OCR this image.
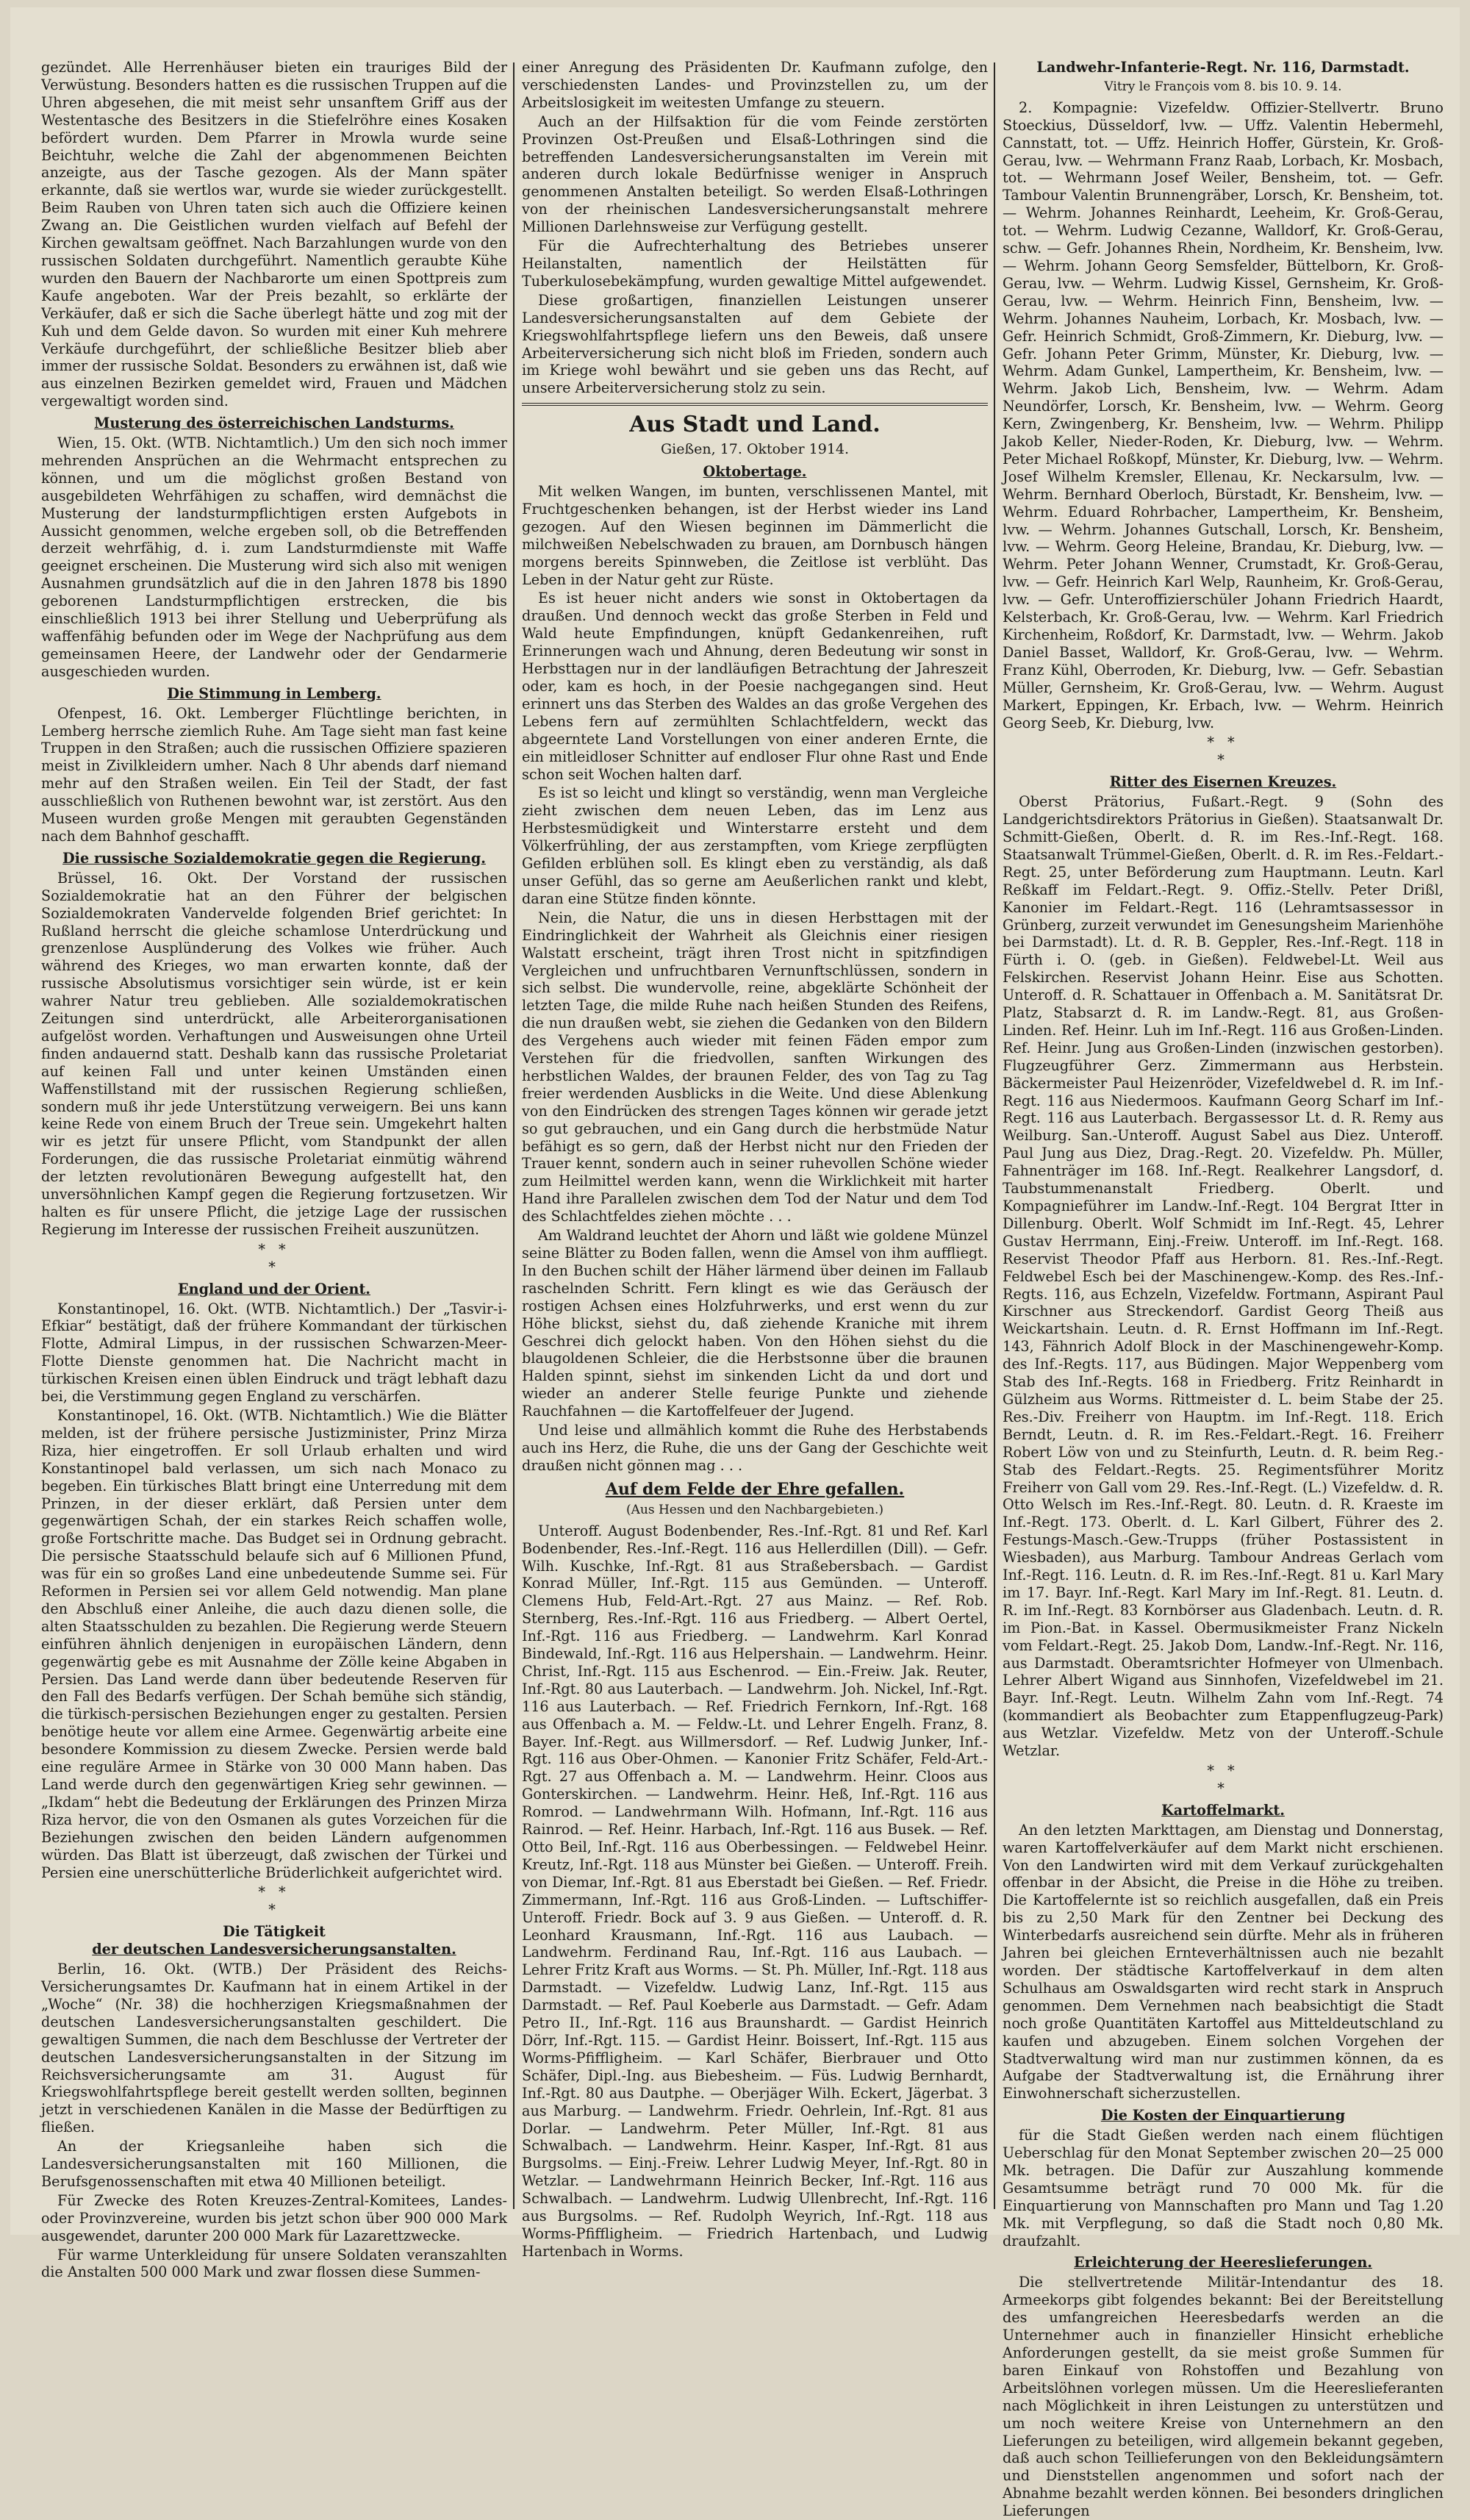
gezündet. Alle Herrenhäuser bieten ein trauriges Bild der Verwüstung. Besonders hatten es die russischen Truppen auf die Uhren abgesehen, die mit meist sehr unsanftem Griff aus der Westentasche des Besitzers in die Stiefelröhre eines Kosaken befördert wurden. Dem Pfarrer in Mrowla wurde seine Beichtuhr, welche die Zahl der abgenommenen Beichten anzeigte, aus der Tasche gezogen. Als der Mann später erkannte, daß sie wertlos war, wurde sie wieder zurückgestellt. Beim Rauben von Uhren taten sich auch die Offiziere keinen Zwang an. Die Geistlichen wurden vielfach auf Befehl der Kirchen gewaltsam geöffnet. Nach Barzahlungen wurde von den russischen Soldaten durchgeführt. Namentlich geraubte Kühe wurden den Bauern der Nachbarorte um einen Spottpreis zum Kaufe angeboten. War der Preis bezahlt, so erklärte der Verkäufer, daß er sich die Sache überlegt hätte und zog mit der Kuh und dem Gelde davon. So wurden mit einer Kuh mehrere Verkäufe durchgeführt, der schließliche Besitzer blieb aber immer der russische Soldat. Besonders zu erwähnen ist, daß wie aus einzelnen Bezirken gemeldet wird, Frauen und Mädchen vergewaltigt worden sind.

Musterung des österreichischen Landsturms.

Wien, 15. Okt. (WTB. Nichtamtlich.) Um den sich noch immer mehrenden Ansprüchen an die Wehrmacht entsprechen zu können, und um die möglichst großen Bestand von ausgebildeten Wehrfähigen zu schaffen, wird demnächst die Musterung der landsturmpflichtigen ersten Aufgebots in Aussicht genommen, welche ergeben soll, ob die Betreffenden derzeit wehrfähig, d. i. zum Landsturmdienste mit Waffe geeignet erscheinen. Die Musterung wird sich also mit wenigen Ausnahmen grundsätzlich auf die in den Jahren 1878 bis 1890 geborenen Landsturmpflichtigen erstrecken, die bis einschließlich 1913 bei ihrer Stellung und Ueberprüfung als waffenfähig befunden oder im Wege der Nachprüfung aus dem gemeinsamen Heere, der Landwehr oder der Gendarmerie ausgeschieden wurden.

Die Stimmung in Lemberg.

Ofenpest, 16. Okt. Lemberger Flüchtlinge berichten, in Lemberg herrsche ziemlich Ruhe. Am Tage sieht man fast keine Truppen in den Straßen; auch die russischen Offiziere spazieren meist in Zivilkleidern umher. Nach 8 Uhr abends darf niemand mehr auf den Straßen weilen. Ein Teil der Stadt, der fast ausschließlich von Ruthenen bewohnt war, ist zerstört. Aus den Museen wurden große Mengen mit geraubten Gegenständen nach dem Bahnhof geschafft.

Die russische Sozialdemokratie gegen die Regierung.

Brüssel, 16. Okt. Der Vorstand der russischen Sozialdemokratie hat an den Führer der belgischen Sozialdemokraten Vandervelde folgenden Brief gerichtet: In Rußland herrscht die gleiche schamlose Unterdrückung und grenzenlose Ausplünderung des Volkes wie früher. Auch während des Krieges, wo man erwarten konnte, daß der russische Absolutismus vorsichtiger sein würde, ist er kein wahrer Natur treu geblieben. Alle sozialdemokratischen Zeitungen sind unterdrückt, alle Arbeiterorganisationen aufgelöst worden. Verhaftungen und Ausweisungen ohne Urteil finden andauernd statt. Deshalb kann das russische Proletariat auf keinen Fall und unter keinen Umständen einen Waffenstillstand mit der russischen Regierung schließen, sondern muß ihr jede Unterstützung verweigern. Bei uns kann keine Rede von einem Bruch der Treue sein. Umgekehrt halten wir es jetzt für unsere Pflicht, vom Standpunkt der allen Forderungen, die das russische Proletariat einmütig während der letzten revolutionären Bewegung aufgestellt hat, den unversöhnlichen Kampf gegen die Regierung fortzusetzen. Wir halten es für unsere Pflicht, die jetzige Lage der russischen Regierung im Interesse der russischen Freiheit auszunützen.

* *
*
England und der Orient.

Konstantinopel, 16. Okt. (WTB. Nichtamtlich.) Der „Tasvir-i-Efkiar“ bestätigt, daß der frühere Kommandant der türkischen Flotte, Admiral Limpus, in der russischen Schwarzen-Meer-Flotte Dienste genommen hat. Die Nachricht macht in türkischen Kreisen einen üblen Eindruck und trägt lebhaft dazu bei, die Verstimmung gegen England zu verschärfen.

Konstantinopel, 16. Okt. (WTB. Nichtamtlich.) Wie die Blätter melden, ist der frühere persische Justizminister, Prinz Mirza Riza, hier eingetroffen. Er soll Urlaub erhalten und wird Konstantinopel bald verlassen, um sich nach Monaco zu begeben. Ein türkisches Blatt bringt eine Unterredung mit dem Prinzen, in der dieser erklärt, daß Persien unter dem gegenwärtigen Schah, der ein starkes Reich schaffen wolle, große Fortschritte mache. Das Budget sei in Ordnung gebracht. Die persische Staatsschuld belaufe sich auf 6 Millionen Pfund, was für ein so großes Land eine unbedeutende Summe sei. Für Reformen in Persien sei vor allem Geld notwendig. Man plane den Abschluß einer Anleihe, die auch dazu dienen solle, die alten Staatsschulden zu bezahlen. Die Regierung werde Steuern einführen ähnlich denjenigen in europäischen Ländern, denn gegenwärtig gebe es mit Ausnahme der Zölle keine Abgaben in Persien. Das Land werde dann über bedeutende Reserven für den Fall des Bedarfs verfügen. Der Schah bemühe sich ständig, die türkisch-persischen Beziehungen enger zu gestalten. Persien benötige heute vor allem eine Armee. Gegenwärtig arbeite eine besondere Kommission zu diesem Zwecke. Persien werde bald eine reguläre Armee in Stärke von 30 000 Mann haben. Das Land werde durch den gegenwärtigen Krieg sehr gewinnen. — „Ikdam“ hebt die Bedeutung der Erklärungen des Prinzen Mirza Riza hervor, die von den Osmanen als gutes Vorzeichen für die Beziehungen zwischen den beiden Ländern aufgenommen würden. Das Blatt ist überzeugt, daß zwischen der Türkei und Persien eine unerschütterliche Brüderlichkeit aufgerichtet wird.

* *
*
Die Tätigkeit
der deutschen Landesversicherungsanstalten.

Berlin, 16. Okt. (WTB.) Der Präsident des Reichs-Versicherungsamtes Dr. Kaufmann hat in einem Artikel in der „Woche“ (Nr. 38) die hochherzigen Kriegsmaßnahmen der deutschen Landesversicherungsanstalten geschildert. Die gewaltigen Summen, die nach dem Beschlusse der Vertreter der deutschen Landesversicherungsanstalten in der Sitzung im Reichsversicherungsamte am 31. August für Kriegswohlfahrtspflege bereit gestellt werden sollten, beginnen jetzt in verschiedenen Kanälen in die Masse der Bedürftigen zu fließen.

An der Kriegsanleihe haben sich die Landesversicherungsanstalten mit 160 Millionen, die Berufsgenossenschaften mit etwa 40 Millionen beteiligt.

Für Zwecke des Roten Kreuzes-Zentral-Komitees, Landes- oder Provinzvereine, wurden bis jetzt schon über 900 000 Mark ausgewendet, darunter 200 000 Mark für Lazarettzwecke.

Für warme Unterkleidung für unsere Soldaten veranszahlten die Anstalten 500 000 Mark und zwar flossen diese Summen-

einer Anregung des Präsidenten Dr. Kaufmann zufolge, den verschiedensten Landes- und Provinzstellen zu, um der Arbeitslosigkeit im weitesten Umfange zu steuern.

Auch an der Hilfsaktion für die vom Feinde zerstörten Provinzen Ost-Preußen und Elsaß-Lothringen sind die betreffenden Landesversicherungsanstalten im Verein mit anderen durch lokale Bedürfnisse weniger in Anspruch genommenen Anstalten beteiligt. So werden Elsaß-Lothringen von der rheinischen Landesversicherungsanstalt mehrere Millionen Darlehnsweise zur Verfügung gestellt.

Für die Aufrechterhaltung des Betriebes unserer Heilanstalten, namentlich der Heilstätten für Tuberkulosebekämpfung, wurden gewaltige Mittel aufgewendet.

Diese großartigen, finanziellen Leistungen unserer Landesversicherungsanstalten auf dem Gebiete der Kriegswohlfahrtspflege liefern uns den Beweis, daß unsere Arbeiterversicherung sich nicht bloß im Frieden, sondern auch im Kriege wohl bewährt und sie geben uns das Recht, auf unsere Arbeiterversicherung stolz zu sein.

Aus Stadt und Land.
Gießen, 17. Oktober 1914.
Oktobertage.

Mit welken Wangen, im bunten, verschlissenen Mantel, mit Fruchtgeschenken behangen, ist der Herbst wieder ins Land gezogen. Auf den Wiesen beginnen im Dämmerlicht die milchweißen Nebelschwaden zu brauen, am Dornbusch hängen morgens bereits Spinnweben, die Zeitlose ist verblüht. Das Leben in der Natur geht zur Rüste.

Es ist heuer nicht anders wie sonst in Oktobertagen da draußen. Und dennoch weckt das große Sterben in Feld und Wald heute Empfindungen, knüpft Gedankenreihen, ruft Erinnerungen wach und Ahnung, deren Bedeutung wir sonst in Herbsttagen nur in der landläufigen Betrachtung der Jahreszeit oder, kam es hoch, in der Poesie nachgegangen sind. Heut erinnert uns das Sterben des Waldes an das große Vergehen des Lebens fern auf zermühlten Schlachtfeldern, weckt das abgeerntete Land Vorstellungen von einer anderen Ernte, die ein mitleidloser Schnitter auf endloser Flur ohne Rast und Ende schon seit Wochen halten darf.

Es ist so leicht und klingt so verständig, wenn man Vergleiche zieht zwischen dem neuen Leben, das im Lenz aus Herbstesmüdigkeit und Winterstarre ersteht und dem Völkerfrühling, der aus zerstampften, vom Kriege zerpflügten Gefilden erblühen soll. Es klingt eben zu verständig, als daß unser Gefühl, das so gerne am Aeußerlichen rankt und klebt, daran eine Stütze finden könnte.

Nein, die Natur, die uns in diesen Herbsttagen mit der Eindringlichkeit der Wahrheit als Gleichnis einer riesigen Walstatt erscheint, trägt ihren Trost nicht in spitzfindigen Vergleichen und unfruchtbaren Vernunftschlüssen, sondern in sich selbst. Die wundervolle, reine, abgeklärte Schönheit der letzten Tage, die milde Ruhe nach heißen Stunden des Reifens, die nun draußen webt, sie ziehen die Gedanken von den Bildern des Vergehens auch wieder mit feinen Fäden empor zum Verstehen für die friedvollen, sanften Wirkungen des herbstlichen Waldes, der braunen Felder, des von Tag zu Tag freier werdenden Ausblicks in die Weite. Und diese Ablenkung von den Eindrücken des strengen Tages können wir gerade jetzt so gut gebrauchen, und ein Gang durch die herbstmüde Natur befähigt es so gern, daß der Herbst nicht nur den Frieden der Trauer kennt, sondern auch in seiner ruhevollen Schöne wieder zum Heilmittel werden kann, wenn die Wirklichkeit mit harter Hand ihre Parallelen zwischen dem Tod der Natur und dem Tod des Schlachtfeldes ziehen möchte . . .

Am Waldrand leuchtet der Ahorn und läßt wie goldene Münzel seine Blätter zu Boden fallen, wenn die Amsel von ihm auffliegt. In den Buchen schilt der Häher lärmend über deinen im Fallaub raschelnden Schritt. Fern klingt es wie das Geräusch der rostigen Achsen eines Holzfuhrwerks, und erst wenn du zur Höhe blickst, siehst du, daß ziehende Kraniche mit ihrem Geschrei dich gelockt haben. Von den Höhen siehst du die blaugoldenen Schleier, die die Herbstsonne über die braunen Halden spinnt, siehst im sinkenden Licht da und dort und wieder an anderer Stelle feurige Punkte und ziehende Rauchfahnen — die Kartoffelfeuer der Jugend.

Und leise und allmählich kommt die Ruhe des Herbstabends auch ins Herz, die Ruhe, die uns der Gang der Geschichte weit draußen nicht gönnen mag . . .

Auf dem Felde der Ehre gefallen.
(Aus Hessen und den Nachbargebieten.)

Unteroff. August Bodenbender, Res.-Inf.-Rgt. 81 und Ref. Karl Bodenbender, Res.-Inf.-Regt. 116 aus Hellerdillen (Dill). — Gefr. Wilh. Kuschke, Inf.-Rgt. 81 aus Straßebersbach. — Gardist Konrad Müller, Inf.-Rgt. 115 aus Gemünden. — Unteroff. Clemens Hub, Feld-Art.-Rgt. 27 aus Mainz. — Ref. Rob. Sternberg, Res.-Inf.-Rgt. 116 aus Friedberg. — Albert Oertel, Inf.-Rgt. 116 aus Friedberg. — Landwehrm. Karl Konrad Bindewald, Inf.-Rgt. 116 aus Helpershain. — Landwehrm. Heinr. Christ, Inf.-Rgt. 115 aus Eschenrod. — Ein.-Freiw. Jak. Reuter, Inf.-Rgt. 80 aus Lauterbach. — Landwehrm. Joh. Nickel, Inf.-Rgt. 116 aus Lauterbach. — Ref. Friedrich Fernkorn, Inf.-Rgt. 168 aus Offenbach a. M. — Feldw.-Lt. und Lehrer Engelh. Franz, 8. Bayer. Inf.-Regt. aus Willmersdorf. — Ref. Ludwig Junker, Inf.-Rgt. 116 aus Ober-Ohmen. — Kanonier Fritz Schäfer, Feld-Art.-Rgt. 27 aus Offenbach a. M. — Landwehrm. Heinr. Cloos aus Gonterskirchen. — Landwehrm. Heinr. Heß, Inf.-Rgt. 116 aus Romrod. — Landwehrmann Wilh. Hofmann, Inf.-Rgt. 116 aus Rainrod. — Ref. Heinr. Harbach, Inf.-Rgt. 116 aus Busek. — Ref. Otto Beil, Inf.-Rgt. 116 aus Oberbessingen. — Feldwebel Heinr. Kreutz, Inf.-Rgt. 118 aus Münster bei Gießen. — Unteroff. Freih. von Diemar, Inf.-Rgt. 81 aus Eberstadt bei Gießen. — Ref. Friedr. Zimmermann, Inf.-Rgt. 116 aus Groß-Linden. — Luftschiffer-Unteroff. Friedr. Bock auf 3. 9 aus Gießen. — Unteroff. d. R. Leonhard Krausmann, Inf.-Rgt. 116 aus Laubach. — Landwehrm. Ferdinand Rau, Inf.-Rgt. 116 aus Laubach. — Lehrer Fritz Kraft aus Worms. — St. Ph. Müller, Inf.-Rgt. 118 aus Darmstadt. — Vizefeldw. Ludwig Lanz, Inf.-Rgt. 115 aus Darmstadt. — Ref. Paul Koeberle aus Darmstadt. — Gefr. Adam Petro II., Inf.-Rgt. 116 aus Braunshardt. — Gardist Heinrich Dörr, Inf.-Rgt. 115. — Gardist Heinr. Boissert, Inf.-Rgt. 115 aus Worms-Pfiffligheim. — Karl Schäfer, Bierbrauer und Otto Schäfer, Dipl.-Ing. aus Biebesheim. — Füs. Ludwig Bernhardt, Inf.-Rgt. 80 aus Dautphe. — Oberjäger Wilh. Eckert, Jägerbat. 3 aus Marburg. — Landwehrm. Friedr. Oehrlein, Inf.-Rgt. 81 aus Dorlar. — Landwehrm. Peter Müller, Inf.-Rgt. 81 aus Schwalbach. — Landwehrm. Heinr. Kasper, Inf.-Rgt. 81 aus Burgsolms. — Einj.-Freiw. Lehrer Ludwig Meyer, Inf.-Rgt. 80 in Wetzlar. — Landwehrmann Heinrich Becker, Inf.-Rgt. 116 aus Schwalbach. — Landwehrm. Ludwig Ullenbrecht, Inf.-Rgt. 116 aus Burgsolms. — Ref. Rudolph Weyrich, Inf.-Rgt. 118 aus Worms-Pfiffligheim. — Friedrich Hartenbach, und Ludwig Hartenbach in Worms.

Landwehr-Infanterie-Regt. Nr. 116, Darmstadt.
Vitry le François vom 8. bis 10. 9. 14.

2. Kompagnie: Vizefeldw. Offizier-Stellvertr. Bruno Stoeckius, Düsseldorf, lvw. — Uffz. Valentin Hebermehl, Cannstatt, tot. — Uffz. Heinrich Hoffer, Gürstein, Kr. Groß-Gerau, lvw. — Wehrmann Franz Raab, Lorbach, Kr. Mosbach, tot. — Wehrmann Josef Weiler, Bensheim, tot. — Gefr. Tambour Valentin Brunnengräber, Lorsch, Kr. Bensheim, tot. — Wehrm. Johannes Reinhardt, Leeheim, Kr. Groß-Gerau, tot. — Wehrm. Ludwig Cezanne, Walldorf, Kr. Groß-Gerau, schw. — Gefr. Johannes Rhein, Nordheim, Kr. Bensheim, lvw. — Wehrm. Johann Georg Semsfelder, Büttelborn, Kr. Groß-Gerau, lvw. — Wehrm. Ludwig Kissel, Gernsheim, Kr. Groß-Gerau, lvw. — Wehrm. Heinrich Finn, Bensheim, lvw. — Wehrm. Johannes Nauheim, Lorbach, Kr. Mosbach, lvw. — Gefr. Heinrich Schmidt, Groß-Zimmern, Kr. Dieburg, lvw. — Gefr. Johann Peter Grimm, Münster, Kr. Dieburg, lvw. — Wehrm. Adam Gunkel, Lampertheim, Kr. Bensheim, lvw. — Wehrm. Jakob Lich, Bensheim, lvw. — Wehrm. Adam Neundörfer, Lorsch, Kr. Bensheim, lvw. — Wehrm. Georg Kern, Zwingenberg, Kr. Bensheim, lvw. — Wehrm. Philipp Jakob Keller, Nieder-Roden, Kr. Dieburg, lvw. — Wehrm. Peter Michael Roßkopf, Münster, Kr. Dieburg, lvw. — Wehrm. Josef Wilhelm Kremsler, Ellenau, Kr. Neckarsulm, lvw. — Wehrm. Bernhard Oberloch, Bürstadt, Kr. Bensheim, lvw. — Wehrm. Eduard Rohrbacher, Lampertheim, Kr. Bensheim, lvw. — Wehrm. Johannes Gutschall, Lorsch, Kr. Bensheim, lvw. — Wehrm. Georg Heleine, Brandau, Kr. Dieburg, lvw. — Wehrm. Peter Johann Wenner, Crumstadt, Kr. Groß-Gerau, lvw. — Gefr. Heinrich Karl Welp, Raunheim, Kr. Groß-Gerau, lvw. — Gefr. Unteroffizierschüler Johann Friedrich Haardt, Kelsterbach, Kr. Groß-Gerau, lvw. — Wehrm. Karl Friedrich Kirchenheim, Roßdorf, Kr. Darmstadt, lvw. — Wehrm. Jakob Daniel Basset, Walldorf, Kr. Groß-Gerau, lvw. — Wehrm. Franz Kühl, Oberroden, Kr. Dieburg, lvw. — Gefr. Sebastian Müller, Gernsheim, Kr. Groß-Gerau, lvw. — Wehrm. August Markert, Eppingen, Kr. Erbach, lvw. — Wehrm. Heinrich Georg Seeb, Kr. Dieburg, lvw.

* *
*
Ritter des Eisernen Kreuzes.

Oberst Prätorius, Fußart.-Regt. 9 (Sohn des Landgerichtsdirektors Prätorius in Gießen). Staatsanwalt Dr. Schmitt-Gießen, Oberlt. d. R. im Res.-Inf.-Regt. 168. Staatsanwalt Trümmel-Gießen, Oberlt. d. R. im Res.-Feldart.-Regt. 25, unter Beförderung zum Hauptmann. Leutn. Karl Reßkaff im Feldart.-Regt. 9. Offiz.-Stellv. Peter Drißl, Kanonier im Feldart.-Regt. 116 (Lehramtsassessor in Grünberg, zurzeit verwundet im Genesungsheim Marienhöhe bei Darmstadt). Lt. d. R. B. Geppler, Res.-Inf.-Regt. 118 in Fürth i. O. (geb. in Gießen). Feldwebel-Lt. Weil aus Felskirchen. Reservist Johann Heinr. Eise aus Schotten. Unteroff. d. R. Schattauer in Offenbach a. M. Sanitätsrat Dr. Platz, Stabsarzt d. R. im Landw.-Regt. 81, aus Großen-Linden. Ref. Heinr. Luh im Inf.-Regt. 116 aus Großen-Linden. Ref. Heinr. Jung aus Großen-Linden (inzwischen gestorben). Flugzeugführer Gerz. Zimmermann aus Herbstein. Bäckermeister Paul Heizenröder, Vizefeldwebel d. R. im Inf.-Regt. 116 aus Niedermoos. Kaufmann Georg Scharf im Inf.-Regt. 116 aus Lauterbach. Bergassessor Lt. d. R. Remy aus Weilburg. San.-Unteroff. August Sabel aus Diez. Unteroff. Paul Jung aus Diez, Drag.-Regt. 20. Vizefeldw. Ph. Müller, Fahnenträger im 168. Inf.-Regt. Realkehrer Langsdorf, d. Taubstummenanstalt Friedberg. Oberlt. und Kompagnieführer im Landw.-Inf.-Regt. 104 Bergrat Itter in Dillenburg. Oberlt. Wolf Schmidt im Inf.-Regt. 45, Lehrer Gustav Herrmann, Einj.-Freiw. Unteroff. im Inf.-Regt. 168. Reservist Theodor Pfaff aus Herborn. 81. Res.-Inf.-Regt. Feldwebel Esch bei der Maschinengew.-Komp. des Res.-Inf.-Regts. 116, aus Echzeln, Vizefeldw. Fortmann, Aspirant Paul Kirschner aus Streckendorf. Gardist Georg Theiß aus Weickartshain. Leutn. d. R. Ernst Hoffmann im Inf.-Regt. 143, Fähnrich Adolf Block in der Maschinengewehr-Komp. des Inf.-Regts. 117, aus Büdingen. Major Weppenberg vom Stab des Inf.-Regts. 168 in Friedberg. Fritz Reinhardt in Gülzheim aus Worms. Rittmeister d. L. beim Stabe der 25. Res.-Div. Freiherr von Hauptm. im Inf.-Regt. 118. Erich Berndt, Leutn. d. R. im Res.-Feldart.-Regt. 16. Freiherr Robert Löw von und zu Steinfurth, Leutn. d. R. beim Reg.-Stab des Feldart.-Regts. 25. Regimentsführer Moritz Freiherr von Gall vom 29. Res.-Inf.-Regt. (L.) Vizefeldw. d. R. Otto Welsch im Res.-Inf.-Regt. 80. Leutn. d. R. Kraeste im Inf.-Regt. 173. Oberlt. d. L. Karl Gilbert, Führer des 2. Festungs-Masch.-Gew.-Trupps (früher Postassistent in Wiesbaden), aus Marburg. Tambour Andreas Gerlach vom Inf.-Regt. 116. Leutn. d. R. im Res.-Inf.-Regt. 81 u. Karl Mary im 17. Bayr. Inf.-Regt. Karl Mary im Inf.-Regt. 81. Leutn. d. R. im Inf.-Regt. 83 Kornbörser aus Gladenbach. Leutn. d. R. im Pion.-Bat. in Kassel. Obermusikmeister Franz Nickeln vom Feldart.-Regt. 25. Jakob Dom, Landw.-Inf.-Regt. Nr. 116, aus Darmstadt. Oberamtsrichter Hofmeyer von Ulmenbach. Lehrer Albert Wigand aus Sinnhofen, Vizefeldwebel im 21. Bayr. Inf.-Regt. Leutn. Wilhelm Zahn vom Inf.-Regt. 74 (kommandiert als Beobachter zum Etappenflugzeug-Park) aus Wetzlar. Vizefeldw. Metz von der Unteroff.-Schule Wetzlar.

* *
*
Kartoffelmarkt.

An den letzten Markttagen, am Dienstag und Donnerstag, waren Kartoffelverkäufer auf dem Markt nicht erschienen. Von den Landwirten wird mit dem Verkauf zurückgehalten offenbar in der Absicht, die Preise in die Höhe zu treiben. Die Kartoffelernte ist so reichlich ausgefallen, daß ein Preis bis zu 2,50 Mark für den Zentner bei Deckung des Winterbedarfs ausreichend sein dürfte. Mehr als in früheren Jahren bei gleichen Ernteverhältnissen auch nie bezahlt worden. Der städtische Kartoffelverkauf in dem alten Schulhaus am Oswaldsgarten wird recht stark in Anspruch genommen. Dem Vernehmen nach beabsichtigt die Stadt noch große Quantitäten Kartoffel aus Mitteldeutschland zu kaufen und abzugeben. Einem solchen Vorgehen der Stadtverwaltung wird man nur zustimmen können, da es Aufgabe der Stadtverwaltung ist, die Ernährung ihrer Einwohnerschaft sicherzustellen.

Die Kosten der Einquartierung

für die Stadt Gießen werden nach einem flüchtigen Ueberschlag für den Monat September zwischen 20—25 000 Mk. betragen. Die Dafür zur Auszahlung kommende Gesamtsumme beträgt rund 70 000 Mk. für die Einquartierung von Mannschaften pro Mann und Tag 1.20 Mk. mit Verpflegung, so daß die Stadt noch 0,80 Mk. draufzahlt.

Erleichterung der Heereslieferungen.

Die stellvertretende Militär-Intendantur des 18. Armeekorps gibt folgendes bekannt: Bei der Bereitstellung des umfangreichen Heeresbedarfs werden an die Unternehmer auch in finanzieller Hinsicht erhebliche Anforderungen gestellt, da sie meist große Summen für baren Einkauf von Rohstoffen und Bezahlung von Arbeitslöhnen vorlegen müssen. Um die Heereslieferanten nach Möglichkeit in ihren Leistungen zu unterstützen und um noch weitere Kreise von Unternehmern an den Lieferungen zu beteiligen, wird allgemein bekannt gegeben, daß auch schon Teillieferungen von den Bekleidungsämtern und Dienststellen angenommen und sofort nach der Abnahme bezahlt werden können. Bei besonders dringlichen Lieferungen
